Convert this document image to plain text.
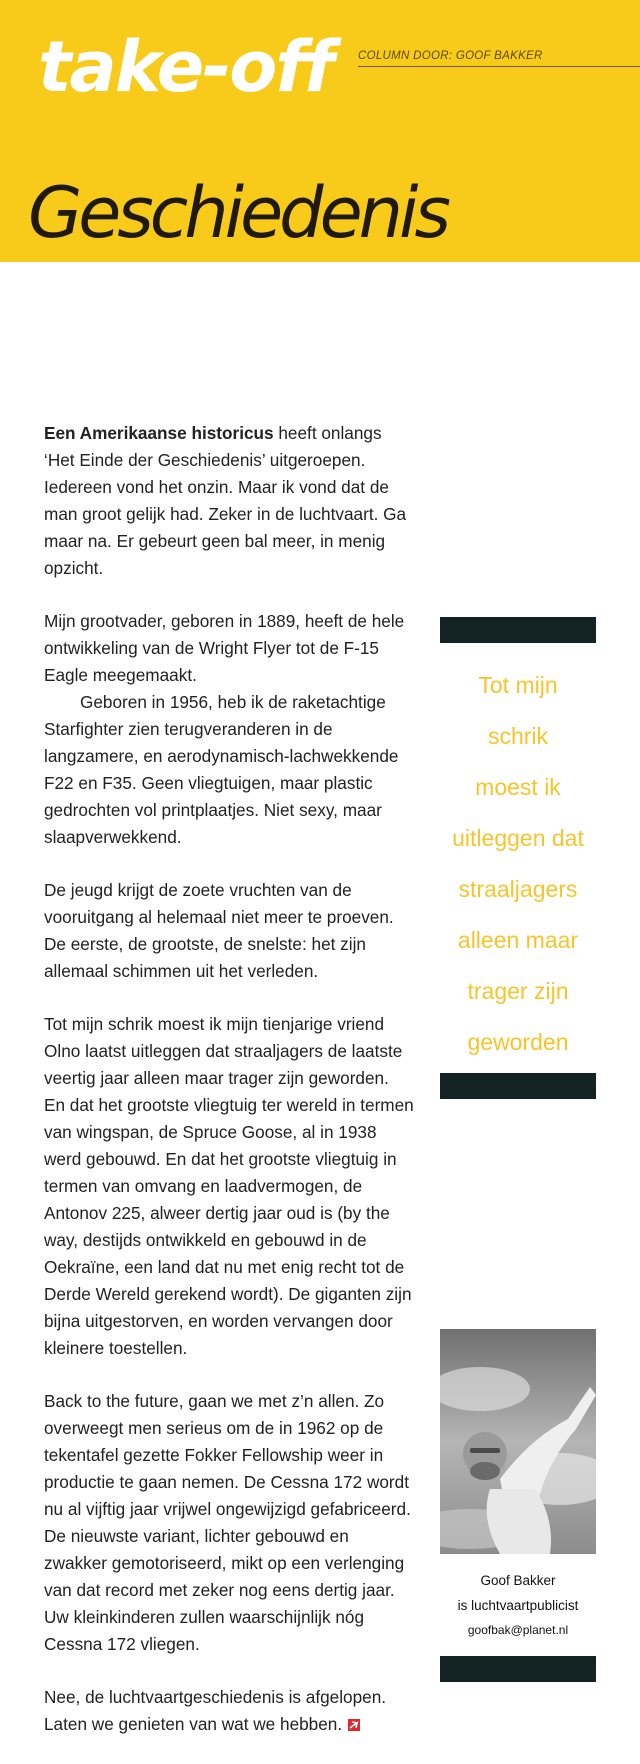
take-off COLUMN DOOR: GOOF BAKKER
Geschiedenis

Een Amerikaanse historicus heeft onlangs ‘Het Einde der Geschiedenis’ uitgeroepen. Iedereen vond het onzin. Maar ik vond dat de man groot gelijk had. Zeker in de luchtvaart. Ga maar na. Er gebeurt geen bal meer, in menig opzicht.

Mijn grootvader, geboren in 1889, heeft de hele ontwikkeling van de Wright Flyer tot de F-15 Eagle meegemaakt.
Geboren in 1956, heb ik de raketachtige Starfighter zien terugveranderen in de langzamere, en aerodynamisch-lachwekkende F22 en F35. Geen vliegtuigen, maar plastic gedrochten vol printplaatjes. Niet sexy, maar slaapverwekkend.

De jeugd krijgt de zoete vruchten van de vooruitgang al helemaal niet meer te proeven. De eerste, de grootste, de snelste: het zijn allemaal schimmen uit het verleden.

Tot mijn schrik moest ik mijn tienjarige vriend Olno laatst uitleggen dat straaljagers de laatste veertig jaar alleen maar trager zijn geworden. En dat het grootste vliegtuig ter wereld in termen van wingspan, de Spruce Goose, al in 1938 werd gebouwd. En dat het grootste vliegtuig in termen van omvang en laadvermogen, de Antonov 225, alweer dertig jaar oud is (by the way, destijds ontwikkeld en gebouwd in de Oekraïne, een land dat nu met enig recht tot de Derde Wereld gerekend wordt). De giganten zijn bijna uitgestorven, en worden vervangen door kleinere toestellen.

Back to the future, gaan we met z’n allen. Zo overweegt men serieus om de in 1962 op de tekentafel gezette Fokker Fellowship weer in productie te gaan nemen. De Cessna 172 wordt nu al vijftig jaar vrijwel ongewijzigd gefabriceerd. De nieuwste variant, lichter gebouwd en zwakker gemotoriseerd, mikt op een verlenging van dat record met zeker nog eens dertig jaar. Uw kleinkinderen zullen waarschijnlijk nóg Cessna 172 vliegen.

Nee, de luchtvaartgeschiedenis is afgelopen. Laten we genieten van wat we hebben.

Tot mijn
schrik
moest ik
uitleggen dat
straaljagers
alleen maar
trager zijn
geworden
Goof Bakker
is luchtvaartpublicist
goofbak@planet.nl
